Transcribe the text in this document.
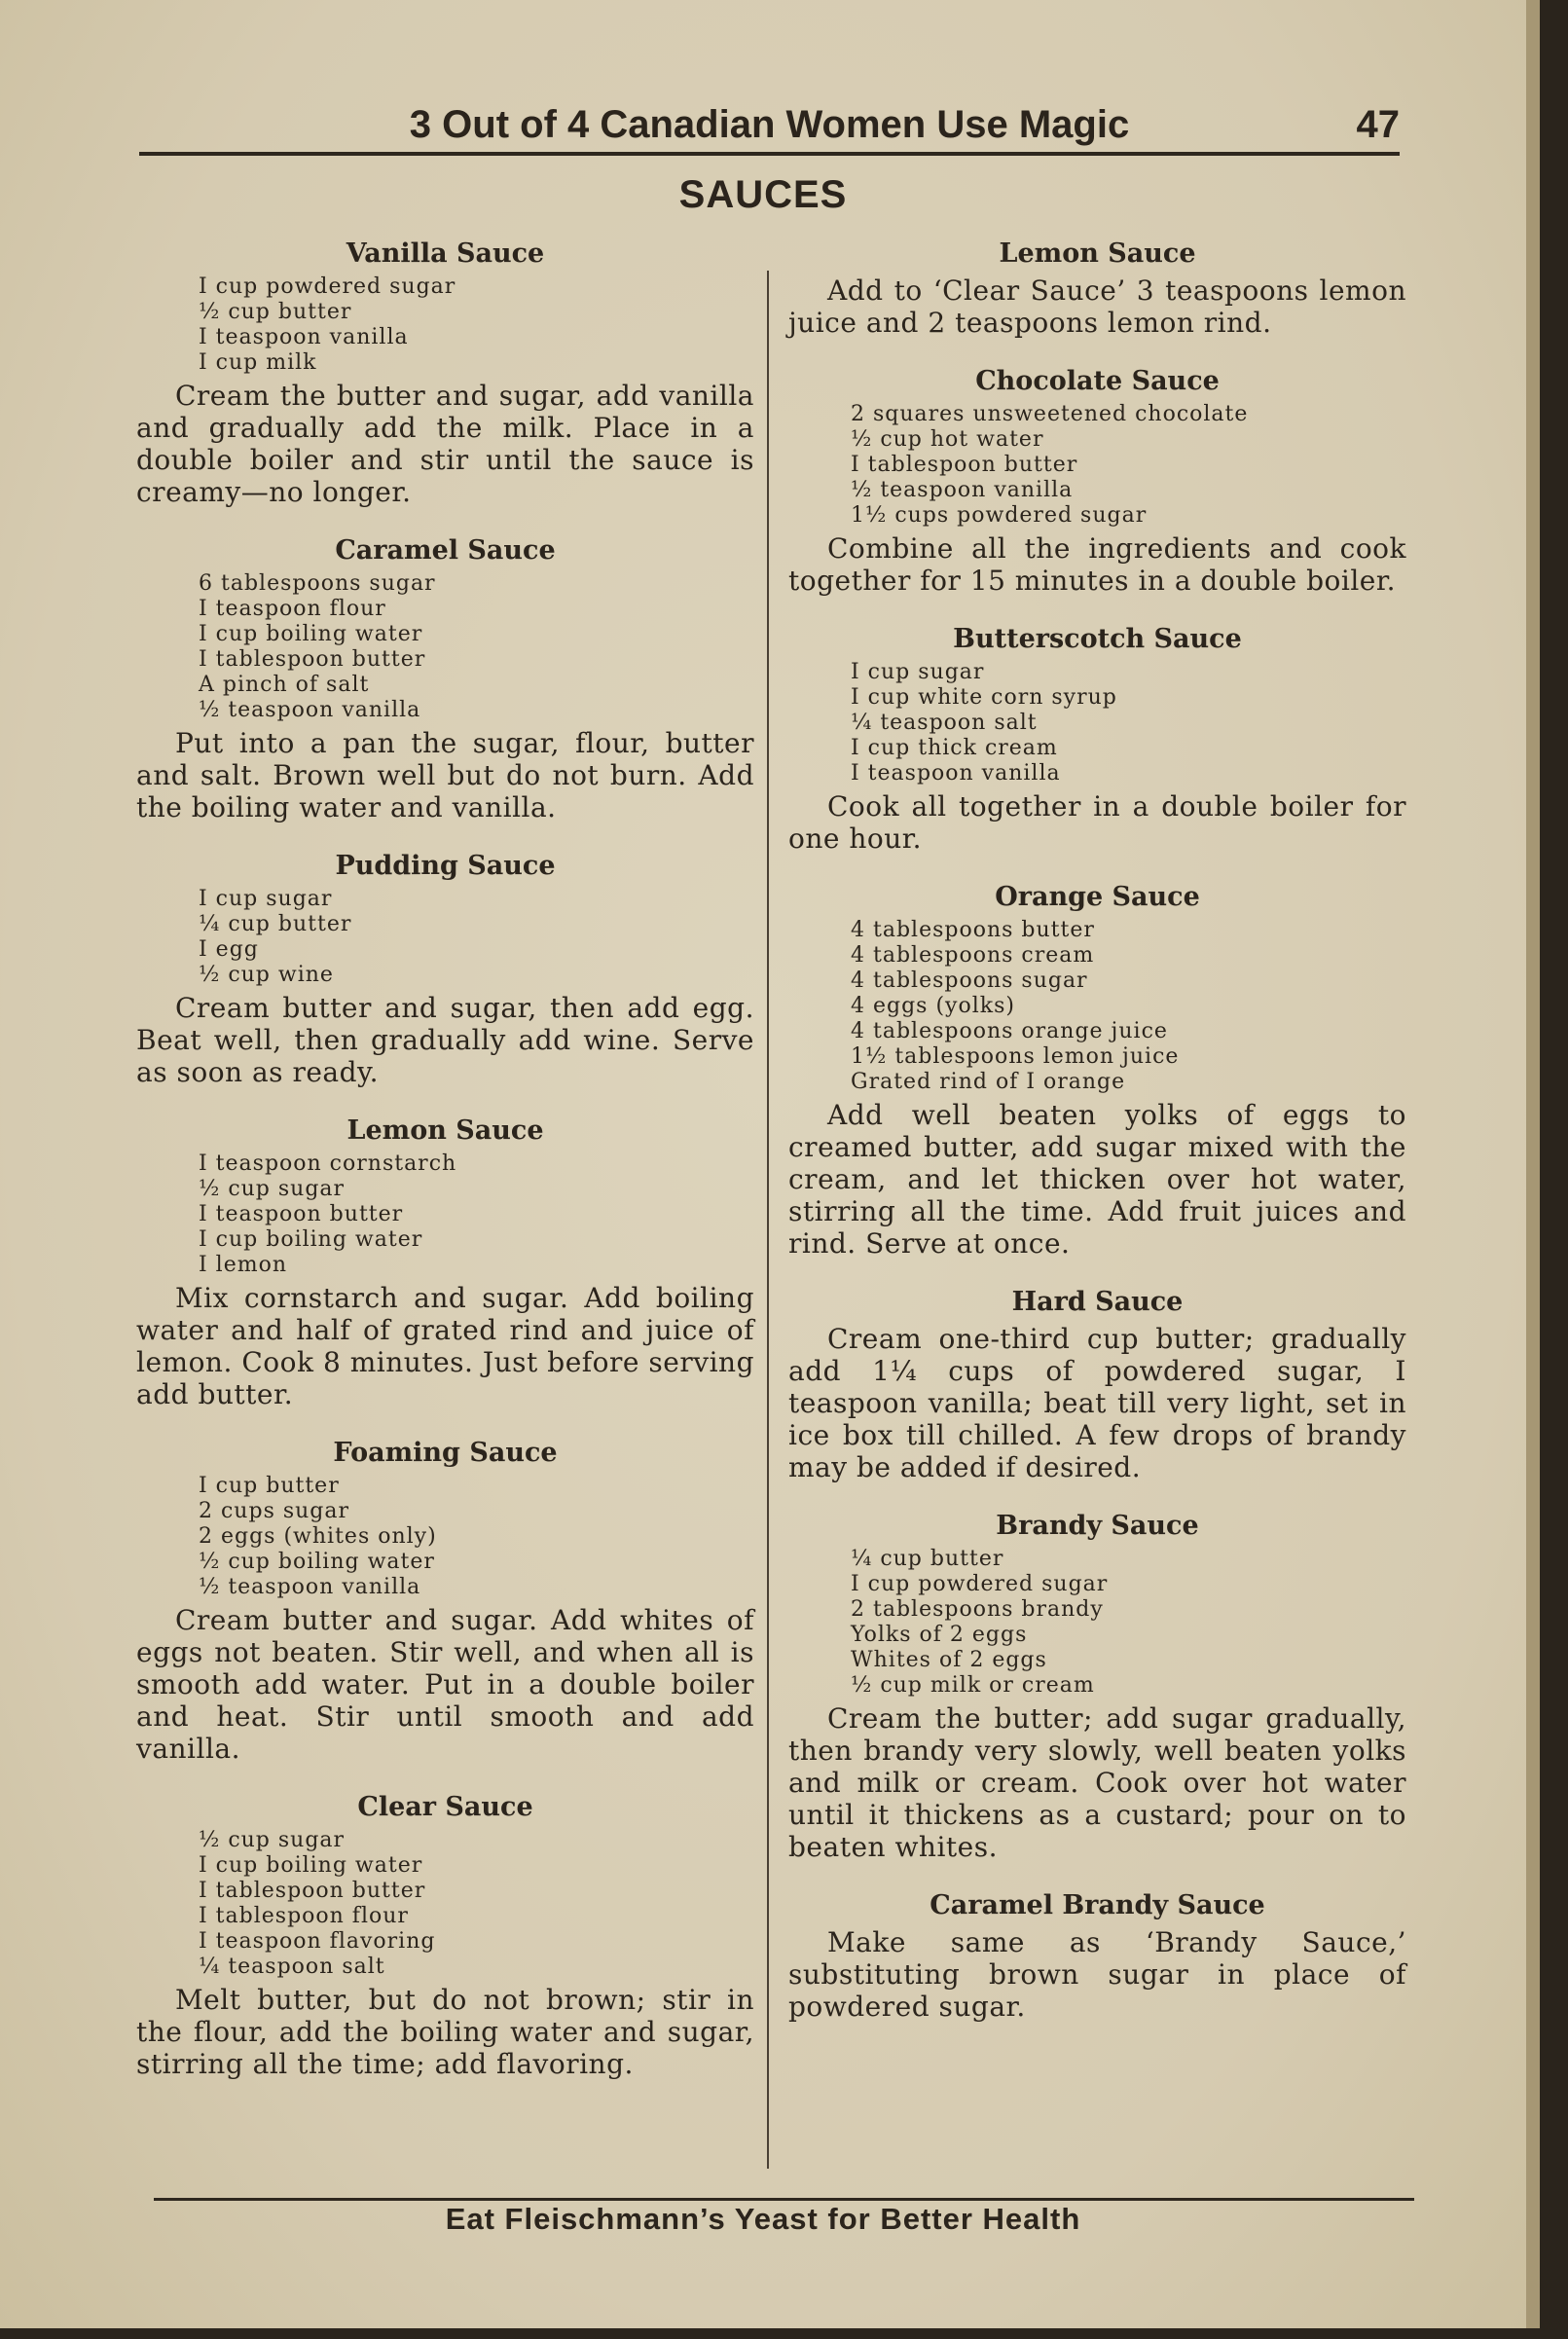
3 Out of 4 Canadian Women Use Magic	47
SAUCES
Vanilla Sauce
I cup powdered sugar
½ cup butter
I teaspoon vanilla
I cup milk

Cream the butter and sugar, add vanilla and gradually add the milk. Place in a double boiler and stir until the sauce is creamy—no longer.

Caramel Sauce
6 tablespoons sugar
I teaspoon flour
I cup boiling water
I tablespoon butter
A pinch of salt
½ teaspoon vanilla

Put into a pan the sugar, flour, butter and salt. Brown well but do not burn. Add the boiling water and vanilla.

Pudding Sauce
I cup sugar
¼ cup butter
I egg
½ cup wine

Cream butter and sugar, then add egg. Beat well, then gradually add wine. Serve as soon as ready.

Lemon Sauce
I teaspoon cornstarch
½ cup sugar
I teaspoon butter
I cup boiling water
I lemon

Mix cornstarch and sugar. Add boiling water and half of grated rind and juice of lemon. Cook 8 minutes. Just before serving add butter.

Foaming Sauce
I cup butter
2 cups sugar
2 eggs (whites only)
½ cup boiling water
½ teaspoon vanilla

Cream butter and sugar. Add whites of eggs not beaten. Stir well, and when all is smooth add water. Put in a double boiler and heat. Stir until smooth and add vanilla.

Clear Sauce
½ cup sugar
I cup boiling water
I tablespoon butter
I tablespoon flour
I teaspoon flavoring
¼ teaspoon salt

Melt butter, but do not brown; stir in the flour, add the boiling water and sugar, stirring all the time; add flavoring.

Lemon Sauce

Add to ‘Clear Sauce’ 3 teaspoons lemon juice and 2 teaspoons lemon rind.

Chocolate Sauce
2 squares unsweetened chocolate
½ cup hot water
I tablespoon butter
½ teaspoon vanilla
1½ cups powdered sugar

Combine all the ingredients and cook together for 15 minutes in a double boiler.

Butterscotch Sauce
I cup sugar
I cup white corn syrup
¼ teaspoon salt
I cup thick cream
I teaspoon vanilla

Cook all together in a double boiler for one hour.

Orange Sauce
4 tablespoons butter
4 tablespoons cream
4 tablespoons sugar
4 eggs (yolks)
4 tablespoons orange juice
1½ tablespoons lemon juice
Grated rind of I orange

Add well beaten yolks of eggs to creamed butter, add sugar mixed with the cream, and let thicken over hot water, stirring all the time. Add fruit juices and rind. Serve at once.

Hard Sauce

Cream one-third cup butter; gradually add 1¼ cups of powdered sugar, I teaspoon vanilla; beat till very light, set in ice box till chilled. A few drops of brandy may be added if desired.

Brandy Sauce
¼ cup butter
I cup powdered sugar
2 tablespoons brandy
Yolks of 2 eggs
Whites of 2 eggs
½ cup milk or cream

Cream the butter; add sugar gradually, then brandy very slowly, well beaten yolks and milk or cream. Cook over hot water until it thickens as a custard; pour on to beaten whites.

Caramel Brandy Sauce

Make same as ‘Brandy Sauce,’ substituting brown sugar in place of powdered sugar.

Eat Fleischmann’s Yeast for Better Health
